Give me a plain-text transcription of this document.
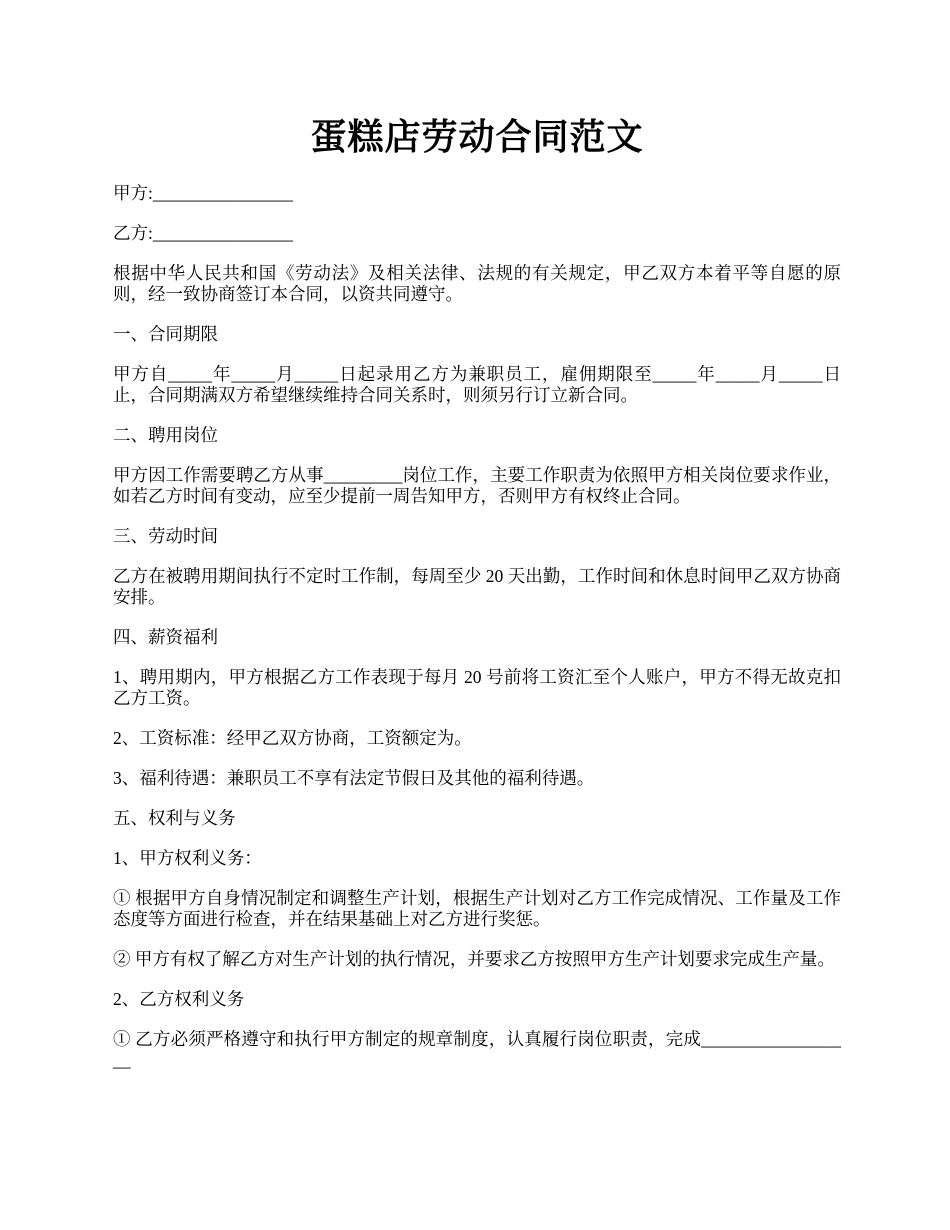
蛋糕店劳动合同范文

甲方:________________

乙方:________________

根据中华人民共和国《劳动法》及相关法律、法规的有关规定，甲乙双方本着平等自愿的原则，经一致协商签订本合同，以资共同遵守。

一、合同期限

甲方自_____年_____月_____日起录用乙方为兼职员工，雇佣期限至_____年_____月_____日止，合同期满双方希望继续维持合同关系时，则须另行订立新合同。

二、聘用岗位

甲方因工作需要聘乙方从事_________岗位工作，主要工作职责为依照甲方相关岗位要求作业，如若乙方时间有变动，应至少提前一周告知甲方，否则甲方有权终止合同。

三、劳动时间

乙方在被聘用期间执行不定时工作制，每周至少 20 天出勤，工作时间和休息时间甲乙双方协商安排。

四、薪资福利

1、聘用期内，甲方根据乙方工作表现于每月 20 号前将工资汇至个人账户，甲方不得无故克扣乙方工资。

2、工资标准：经甲乙双方协商，工资额定为。

3、福利待遇：兼职员工不享有法定节假日及其他的福利待遇。

五、权利与义务

1、甲方权利义务：

① 根据甲方自身情况制定和调整生产计划，根据生产计划对乙方工作完成情况、工作量及工作态度等方面进行检查，并在结果基础上对乙方进行奖惩。

② 甲方有权了解乙方对生产计划的执行情况，并要求乙方按照甲方生产计划要求完成生产量。

2、乙方权利义务

① 乙方必须严格遵守和执行甲方制定的规章制度，认真履行岗位职责，完成__________________
